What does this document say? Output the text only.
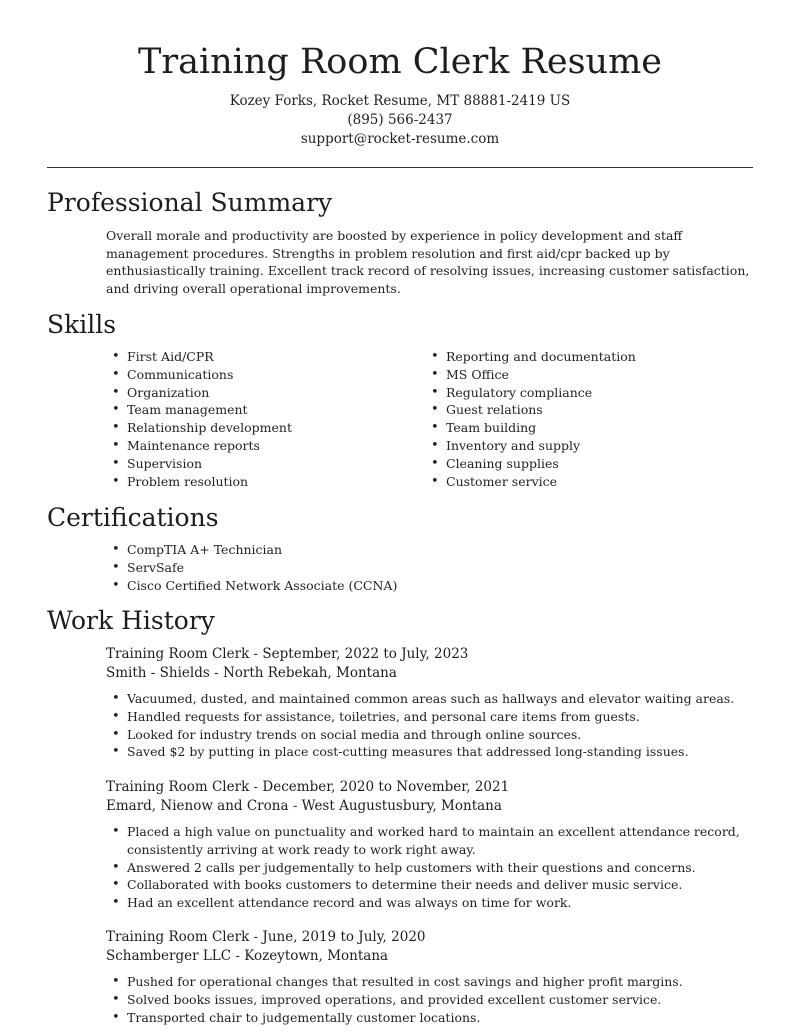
Training Room Clerk Resume
Kozey Forks, Rocket Resume, MT 88881-2419 US
(895) 566-2437
support@rocket-resume.com
Professional Summary
Overall morale and productivity are boosted by experience in policy development and staff management procedures. Strengths in problem resolution and first aid/cpr backed up by enthusiastically training. Excellent track record of resolving issues, increasing customer satisfaction, and driving overall operational improvements.
Skills
• First Aid/CPR
• Communications
• Organization
• Team management
• Relationship development
• Maintenance reports
• Supervision
• Problem resolution
• Reporting and documentation
• MS Office
• Regulatory compliance
• Guest relations
• Team building
• Inventory and supply
• Cleaning supplies
• Customer service
Certifications
• CompTIA A+ Technician
• ServSafe
• Cisco Certified Network Associate (CCNA)
Work History
Training Room Clerk - September, 2022 to July, 2023
Smith - Shields - North Rebekah, Montana
• Vacuumed, dusted, and maintained common areas such as hallways and elevator waiting areas.
• Handled requests for assistance, toiletries, and personal care items from guests.
• Looked for industry trends on social media and through online sources.
• Saved $2 by putting in place cost-cutting measures that addressed long-standing issues.
Training Room Clerk - December, 2020 to November, 2021
Emard, Nienow and Crona - West Augustusbury, Montana
• Placed a high value on punctuality and worked hard to maintain an excellent attendance record, consistently arriving at work ready to work right away.
• Answered 2 calls per judgementally to help customers with their questions and concerns.
• Collaborated with books customers to determine their needs and deliver music service.
• Had an excellent attendance record and was always on time for work.
Training Room Clerk - June, 2019 to July, 2020
Schamberger LLC - Kozeytown, Montana
• Pushed for operational changes that resulted in cost savings and higher profit margins.
• Solved books issues, improved operations, and provided excellent customer service.
• Transported chair to judgementally customer locations.
